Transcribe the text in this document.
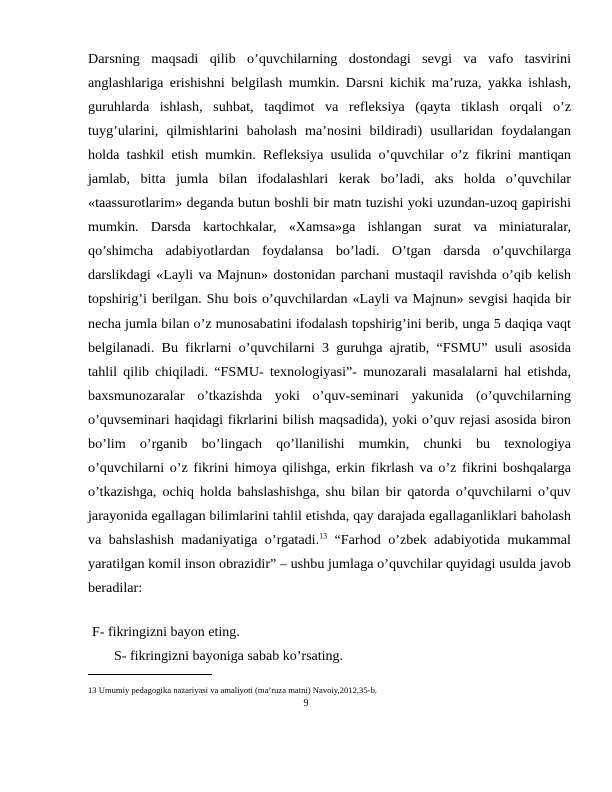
Darsning maqsadi qilib o’quvchilarning dostondagi sevgi va vafo tasvirini anglashlariga erishishni belgilash mumkin. Darsni kichik ma’ruza, yakka ishlash, guruhlarda ishlash, suhbat, taqdimot va refleksiya (qayta tiklash orqali o’z tuyg’ularini, qilmishlarini baholash ma’nosini bildiradi) usullaridan foydalangan holda tashkil etish mumkin. Refleksiya usulida o’quvchilar o’z fikrini mantiqan jamlab, bitta jumla bilan ifodalashlari kerak bo’ladi, aks holda o’quvchilar «taassurotlarim» deganda butun boshli bir matn tuzishi yoki uzundan-uzoq gapirishi mumkin. Darsda kartochkalar, «Xamsa»ga ishlangan surat va miniaturalar, qo’shimcha adabiyotlardan foydalansa bo’ladi. O’tgan darsda o’quvchilarga darslikdagi «Layli va Majnun» dostonidan parchani mustaqil ravishda o’qib kelish topshirig’i berilgan. Shu bois o’quvchilardan «Layli va Majnun» sevgisi haqida bir necha jumla bilan o’z munosabatini ifodalash topshirig’ini berib, unga 5 daqiqa vaqt belgilanadi. Bu fikrlarni o’quvchilarni 3 guruhga ajratib, “FSMU” usuli asosida tahlil qilib chiqiladi. “FSMU- texnologiyasi”- munozarali masalalarni hal etishda, baxsmunozaralar o’tkazishda yoki o’quv-seminari yakunida (o’quvchilarning o’quvseminari haqidagi fikrlarini bilish maqsadida), yoki o’quv rejasi asosida biron bo’lim o’rganib bo’lingach qo’llanilishi mumkin, chunki bu texnologiya o’quvchilarni o’z fikrini himoya qilishga, erkin fikrlash va o’z fikrini boshqalarga o’tkazishga, ochiq holda bahslashishga, shu bilan bir qatorda o’quvchilarni o’quv jarayonida egallagan bilimlarini tahlil etishda, qay darajada egallaganliklari baholash va bahslashish madaniyatiga o’rgatadi.$^{13}$ “Farhod o’zbek adabiyotida mukammal yaratilgan komil inson obrazidir” – ushbu jumlaga o’quvchilar quyidagi usulda javob beradilar:

F- fikringizni bayon eting.

S- fikringizni bayoniga sabab ko’rsating.

13 Umumiy pedagogika nazariyasi va amaliyoti (ma’ruza matni) Navoiy,2012,35-b.

9
